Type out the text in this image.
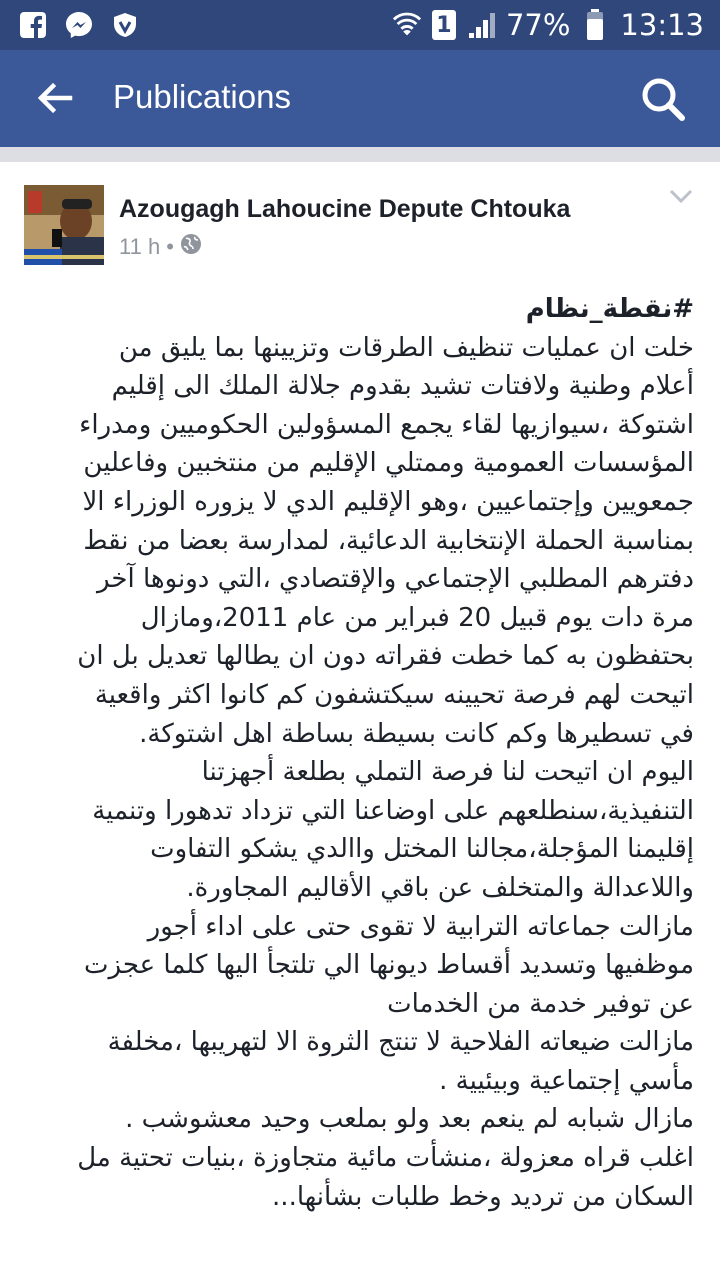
1 77% 13:13
Publications
Azougagh Lahoucine Depute Chtouka
11 h •
#نقطة_نظام
خلت ان عمليات تنظيف الطرقات وتزيينها بما يليق من
أعلام وطنية ولافتات تشيد بقدوم جلالة الملك الى إقليم
اشتوكة ،سيوازيها لقاء يجمع المسؤولين الحكوميين ومدراء
المؤسسات العمومية وممتلي الإقليم من منتخبين وفاعلين
جمعويين وإجتماعيين ،وهو الإقليم الدي لا يزوره الوزراء الا
بمناسبة الحملة الإنتخابية الدعائية، لمدارسة بعضا من نقط
دفترهم المطلبي الإجتماعي والإقتصادي ،التي دونوها آخر
مرة دات يوم قبيل 20 فبراير من عام 2011،ومازال
بحتفظون به كما خطت فقراته دون ان يطالها تعديل بل ان
اتيحت لهم فرصة تحيينه سيكتشفون كم كانوا اكثر واقعية
في تسطيرها وكم كانت بسيطة بساطة اهل اشتوكة.
اليوم ان اتيحت لنا فرصة التملي بطلعة أجهزتنا
التنفيذية،سنطلعهم على اوضاعنا التي تزداد تدهورا وتنمية
إقليمنا المؤجلة،مجالنا المختل واالدي يشكو التفاوت
واللاعدالة والمتخلف عن باقي الأقاليم المجاورة.
مازالت جماعاته الترابية لا تقوى حتى على اداء أجور
موظفيها وتسديد أقساط ديونها الي تلتجأ اليها كلما عجزت
عن توفير خدمة من الخدمات
مازالت ضيعاته الفلاحية لا تنتج الثروة الا لتهريبها ،مخلفة
مأسي إجتماعية وبيئيية .
مازال شبابه لم ينعم بعد ولو بملعب وحيد معشوشب .
اغلب قراه معزولة ،منشأت مائية متجاوزة ،بنيات تحتية مل
السكان من ترديد وخط طلبات بشأنها...
